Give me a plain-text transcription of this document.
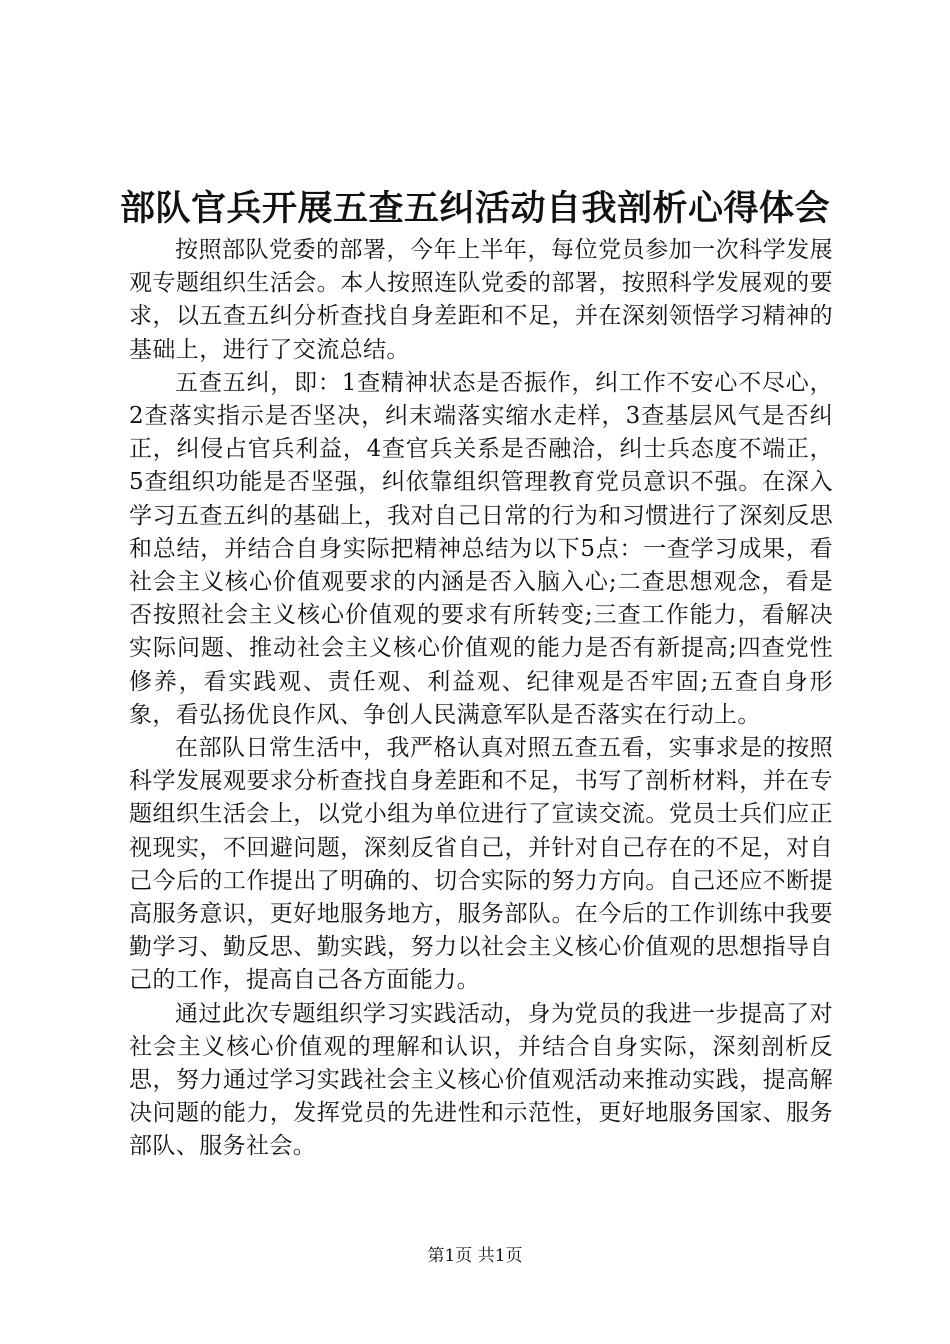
部队官兵开展五查五纠活动自我剖析心得体会

按照部队党委的部署，今年上半年，每位党员参加一次科学发展观专题组织生活会。本人按照连队党委的部署，按照科学发展观的要求，以五查五纠分析查找自身差距和不足，并在深刻领悟学习精神的基础上，进行了交流总结。

五查五纠，即：1查精神状态是否振作，纠工作不安心不尽心，2查落实指示是否坚决，纠末端落实缩水走样，3查基层风气是否纠正，纠侵占官兵利益，4查官兵关系是否融洽，纠士兵态度不端正，5查组织功能是否坚强，纠依靠组织管理教育党员意识不强。在深入学习五查五纠的基础上，我对自己日常的行为和习惯进行了深刻反思和总结，并结合自身实际把精神总结为以下5点：一查学习成果，看社会主义核心价值观要求的内涵是否入脑入心;二查思想观念，看是否按照社会主义核心价值观的要求有所转变;三查工作能力，看解决实际问题、推动社会主义核心价值观的能力是否有新提高;四查党性修养，看实践观、责任观、利益观、纪律观是否牢固;五查自身形象，看弘扬优良作风、争创人民满意军队是否落实在行动上。

在部队日常生活中，我严格认真对照五查五看，实事求是的按照科学发展观要求分析查找自身差距和不足，书写了剖析材料，并在专题组织生活会上，以党小组为单位进行了宣读交流。党员士兵们应正视现实，不回避问题，深刻反省自己，并针对自己存在的不足，对自己今后的工作提出了明确的、切合实际的努力方向。自己还应不断提高服务意识，更好地服务地方，服务部队。在今后的工作训练中我要勤学习、勤反思、勤实践，努力以社会主义核心价值观的思想指导自己的工作，提高自己各方面能力。

通过此次专题组织学习实践活动，身为党员的我进一步提高了对社会主义核心价值观的理解和认识，并结合自身实际，深刻剖析反思，努力通过学习实践社会主义核心价值观活动来推动实践，提高解决问题的能力，发挥党员的先进性和示范性，更好地服务国家、服务部队、服务社会。

第1页 共1页
